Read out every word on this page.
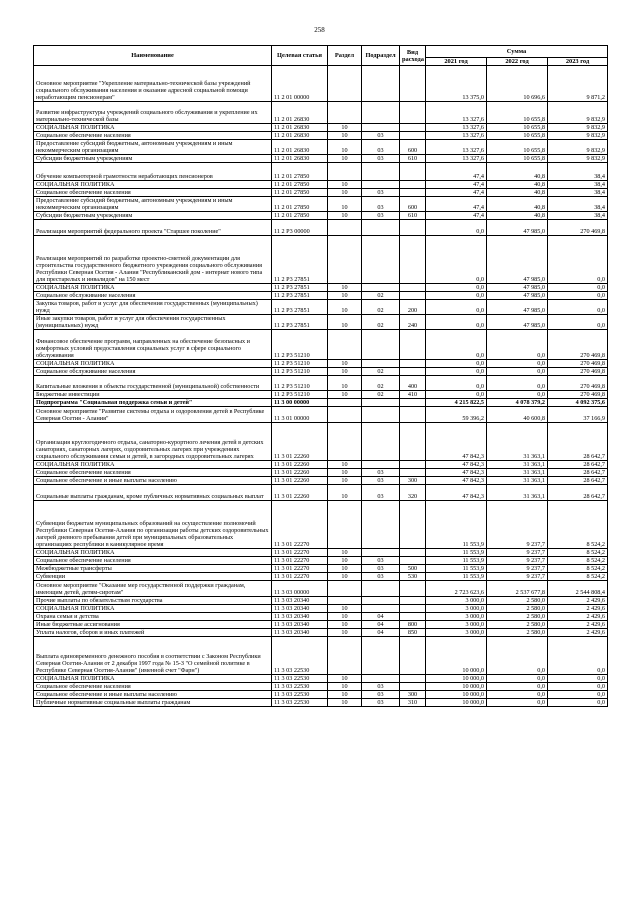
258
Наименование	Целевая статья	Раздел	Подраздел	Вид расхода	Сумма		
					2021 год	2022 год	2023 год
Основное мероприятие "Укрепление материально-технической базы учреждений социального обслуживания населения и оказание адресной социальной помощи неработающим пенсионерам"	11 2 01 00000				13 375,0	10 696,6	9 871,2
Развитие инфраструктуры учреждений социального обслуживания и укрепление их материально-технической базы	11 2 01 26830				13 327,6	10 655,8	9 832,9
СОЦИАЛЬНАЯ ПОЛИТИКА	11 2 01 26830	10			13 327,6	10 655,8	9 832,9
Социальное обеспечение населения	11 2 01 26830	10	03		13 327,6	10 655,8	9 832,9
Предоставление субсидий бюджетным, автономным учреждениям и иным некоммерческим организациям	11 2 01 26830	10	03	600	13 327,6	10 655,8	9 832,9
Субсидии бюджетным учреждениям	11 2 01 26830	10	03	610	13 327,6	10 655,8	9 832,9
Обучение компьютерной грамотности неработающих пенсионеров	11 2 01 27850				47,4	40,8	38,4
СОЦИАЛЬНАЯ ПОЛИТИКА	11 2 01 27850	10			47,4	40,8	38,4
Социальное обеспечение населения	11 2 01 27850	10	03		47,4	40,8	38,4
Предоставление субсидий бюджетным, автономным учреждениям и иным некоммерческим организациям	11 2 01 27850	10	03	600	47,4	40,8	38,4
Субсидии бюджетным учреждениям	11 2 01 27850	10	03	610	47,4	40,8	38,4
Реализация мероприятий федерального проекта "Старшее поколение"	11 2 P3 00000				0,0	47 985,0	270 469,8
Реализация мероприятий по разработке проектно-сметной документации для строительства государственного бюджетного учреждения социального обслуживания Республики Северная Осетия - Алания "Республиканский дом - интернат нового типа для престарелых и инвалидов" на 150 мест	11 2 P3 27851				0,0	47 985,0	0,0
СОЦИАЛЬНАЯ ПОЛИТИКА	11 2 P3 27851	10			0,0	47 985,0	0,0
Социальное обслуживание населения	11 2 P3 27851	10	02		0,0	47 985,0	0,0
Закупка товаров, работ и услуг для обеспечения государственных (муниципальных) нужд	11 2 P3 27851	10	02	200	0,0	47 985,0	0,0
Иные закупки товаров, работ и услуг для обеспечения государственных (муниципальных) нужд	11 2 P3 27851	10	02	240	0,0	47 985,0	0,0
Финансовое обеспечение программ, направленных на обеспечение безопасных и комфортных условий предоставления социальных услуг в сфере социального обслуживания	11 2 P3 51210				0,0	0,0	270 469,8
СОЦИАЛЬНАЯ ПОЛИТИКА	11 2 P3 51210	10			0,0	0,0	270 469,8
Социальное обслуживание населения	11 2 P3 51210	10	02		0,0	0,0	270 469,8
Капитальные вложения в объекты государственной (муниципальной) собственности	11 2 P3 51210	10	02	400	0,0	0,0	270 469,8
Бюджетные инвестиции	11 2 P3 51210	10	02	410	0,0	0,0	270 469,8
Подпрограмма "Социальная поддержка семьи и детей"	11 3 00 00000				4 215 822,5	4 078 379,2	4 092 375,6
Основное мероприятие "Развитие системы отдыха и оздоровления детей в Республике Северная Осетия - Алания"	11 3 01 00000				59 396,2	40 600,8	37 166,9
Организация круглогодичного отдыха, санаторно-курортного лечения детей в детских санаториях, санаторных лагерях, оздоровительных лагерях при учреждениях социального обслуживания семьи и детей, в загородных оздоровительных лагерях	11 3 01 22260				47 842,3	31 363,1	28 642,7
СОЦИАЛЬНАЯ ПОЛИТИКА	11 3 01 22260	10			47 842,3	31 363,1	28 642,7
Социальное обеспечение населения	11 3 01 22260	10	03		47 842,3	31 363,1	28 642,7
Социальное обеспечение и иные выплаты населению	11 3 01 22260	10	03	300	47 842,3	31 363,1	28 642,7
Социальные выплаты гражданам, кроме публичных нормативных социальных выплат	11 3 01 22260	10	03	320	47 842,3	31 363,1	28 642,7
Субвенции бюджетам муниципальных образований на осуществление полномочий Республики Северная Осетия-Алания по организации работы детских оздоровительных лагерей дневного пребывания детей при муниципальных образовательных организациях республики в каникулярное время	11 3 01 22270				11 553,9	9 237,7	8 524,2
СОЦИАЛЬНАЯ ПОЛИТИКА	11 3 01 22270	10			11 553,9	9 237,7	8 524,2
Социальное обеспечение населения	11 3 01 22270	10	03		11 553,9	9 237,7	8 524,2
Межбюджетные трансферты	11 3 01 22270	10	03	500	11 553,9	9 237,7	8 524,2
Субвенции	11 3 01 22270	10	03	530	11 553,9	9 237,7	8 524,2
Основное мероприятие "Оказание мер государственной поддержки гражданам, имеющим детей, детям-сиротам"	11 3 03 00000				2 723 623,6	2 537 677,8	2 544 808,4
Прочие выплаты по обязательствам государства	11 3 03 20340				3 000,0	2 580,0	2 429,6
СОЦИАЛЬНАЯ ПОЛИТИКА	11 3 03 20340	10			3 000,0	2 580,0	2 429,6
Охрана семьи и детства	11 3 03 20340	10	04		3 000,0	2 580,0	2 429,6
Иные бюджетные ассигнования	11 3 03 20340	10	04	800	3 000,0	2 580,0	2 429,6
Уплата налогов, сборов и иных платежей	11 3 03 20340	10	04	850	3 000,0	2 580,0	2 429,6
Выплата единовременного денежного пособия в соответствии с Законом Республики Северная Осетия-Алания от 2 декабря 1997 года № 15-З "О семейной политике в Республике Северная Осетия-Алания" (именной счет "Фарн")	11 3 03 22530				10 000,0	0,0	0,0
СОЦИАЛЬНАЯ ПОЛИТИКА	11 3 03 22530	10			10 000,0	0,0	0,0
Социальное обеспечение населения	11 3 03 22530	10	03		10 000,0	0,0	0,0
Социальное обеспечение и иные выплаты населению	11 3 03 22530	10	03	300	10 000,0	0,0	0,0
Публичные нормативные социальные выплаты гражданам	11 3 03 22530	10	03	310	10 000,0	0,0	0,0
